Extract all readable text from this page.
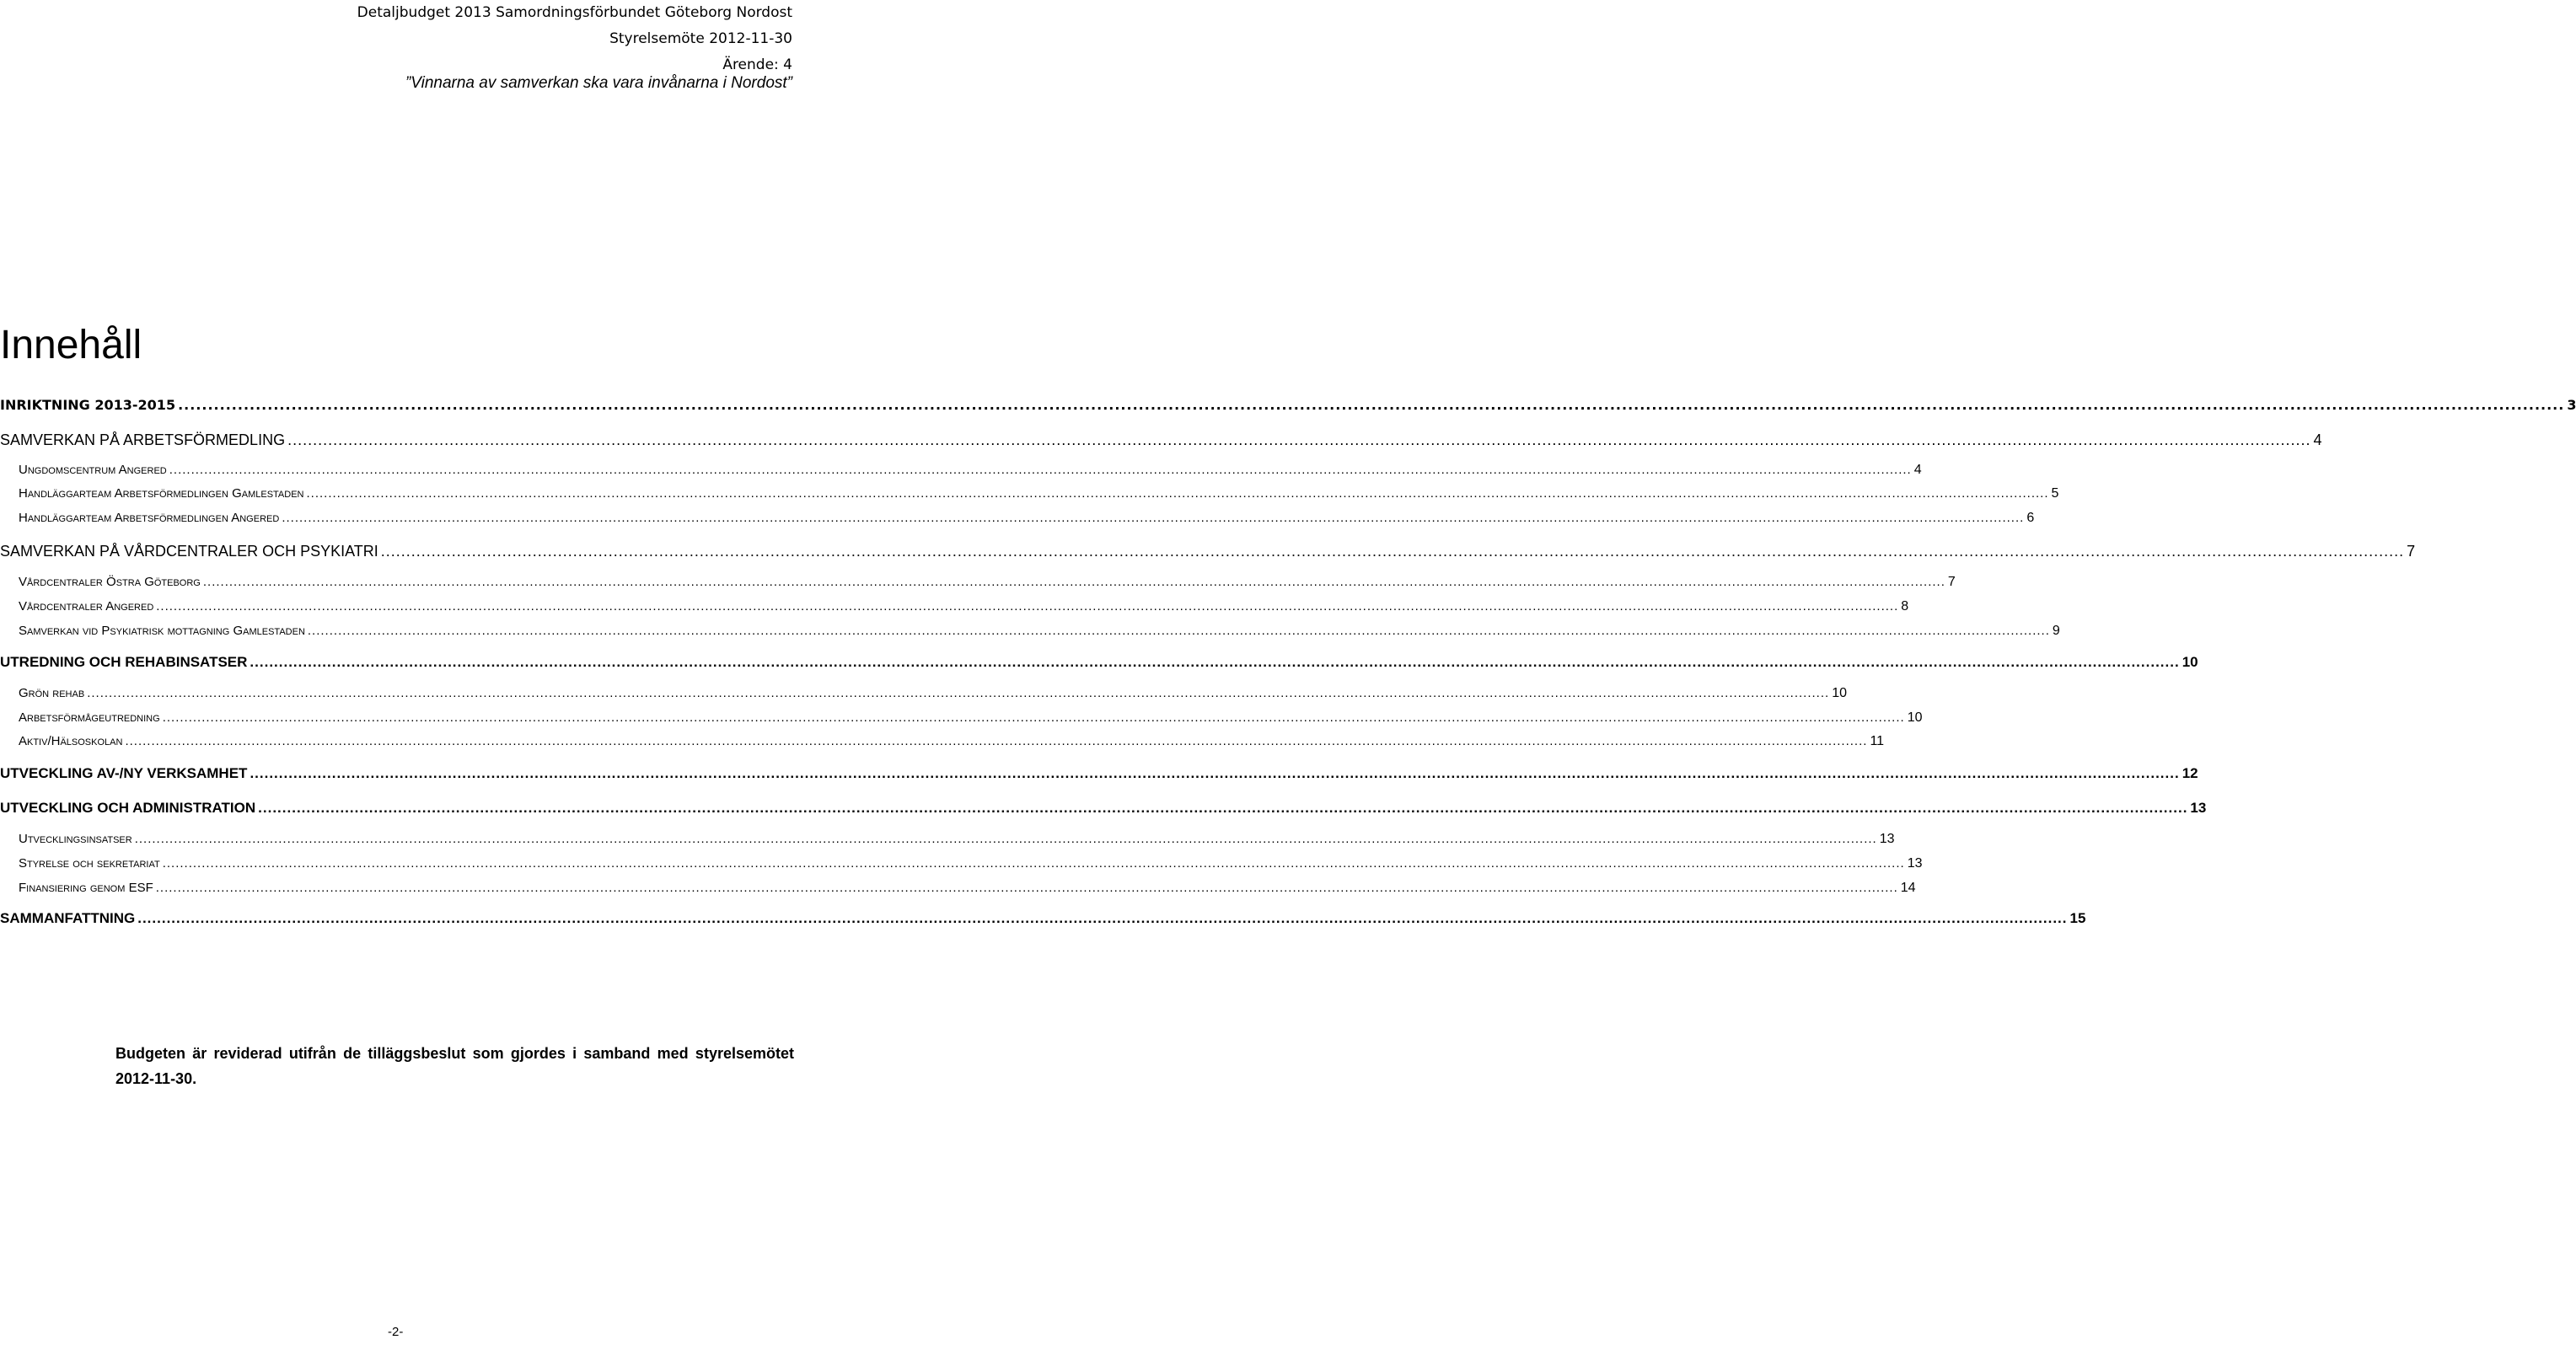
Detaljbudget 2013 Samordningsförbundet Göteborg Nordost
Styrelsemöte 2012-11-30
Ärende: 4
”Vinnarna av samverkan ska vara invånarna i Nordost”
Innehåll
INRIKTNING 2013-2015 ................................................................................................................................................................................................................................................................................................................................................................................................................ 3
SAMVERKAN PÅ ARBETSFÖRMEDLING ................................................................................................................................................................................................................................................................................................................................................................................................................ 4
Ungdomscentrum Angered ................................................................................................................................................................................................................................................................................................................................................................................................................ 4
Handläggarteam Arbetsförmedlingen Gamlestaden ................................................................................................................................................................................................................................................................................................................................................................................................................ 5
Handläggarteam Arbetsförmedlingen Angered ................................................................................................................................................................................................................................................................................................................................................................................................................ 6
SAMVERKAN PÅ VÅRDCENTRALER OCH PSYKIATRI ................................................................................................................................................................................................................................................................................................................................................................................................................ 7
Vårdcentraler Östra Göteborg ................................................................................................................................................................................................................................................................................................................................................................................................................ 7
Vårdcentraler Angered ................................................................................................................................................................................................................................................................................................................................................................................................................ 8
Samverkan vid Psykiatrisk mottagning Gamlestaden ................................................................................................................................................................................................................................................................................................................................................................................................................ 9
UTREDNING OCH REHABINSATSER ................................................................................................................................................................................................................................................................................................................................................................................................................ 10
Grön rehab ................................................................................................................................................................................................................................................................................................................................................................................................................ 10
Arbetsförmågeutredning ................................................................................................................................................................................................................................................................................................................................................................................................................ 10
Aktiv/Hälsoskolan ................................................................................................................................................................................................................................................................................................................................................................................................................ 11
UTVECKLING AV-/NY VERKSAMHET ................................................................................................................................................................................................................................................................................................................................................................................................................ 12
UTVECKLING OCH ADMINISTRATION ................................................................................................................................................................................................................................................................................................................................................................................................................ 13
Utvecklingsinsatser ................................................................................................................................................................................................................................................................................................................................................................................................................ 13
Styrelse och sekretariat ................................................................................................................................................................................................................................................................................................................................................................................................................ 13
Finansiering genom ESF ................................................................................................................................................................................................................................................................................................................................................................................................................ 14
SAMMANFATTNING ................................................................................................................................................................................................................................................................................................................................................................................................................ 15
Budgeten är reviderad utifrån de tilläggsbeslut som gjordes i samband med styrelsemötet 2012-11-30.
-2-
